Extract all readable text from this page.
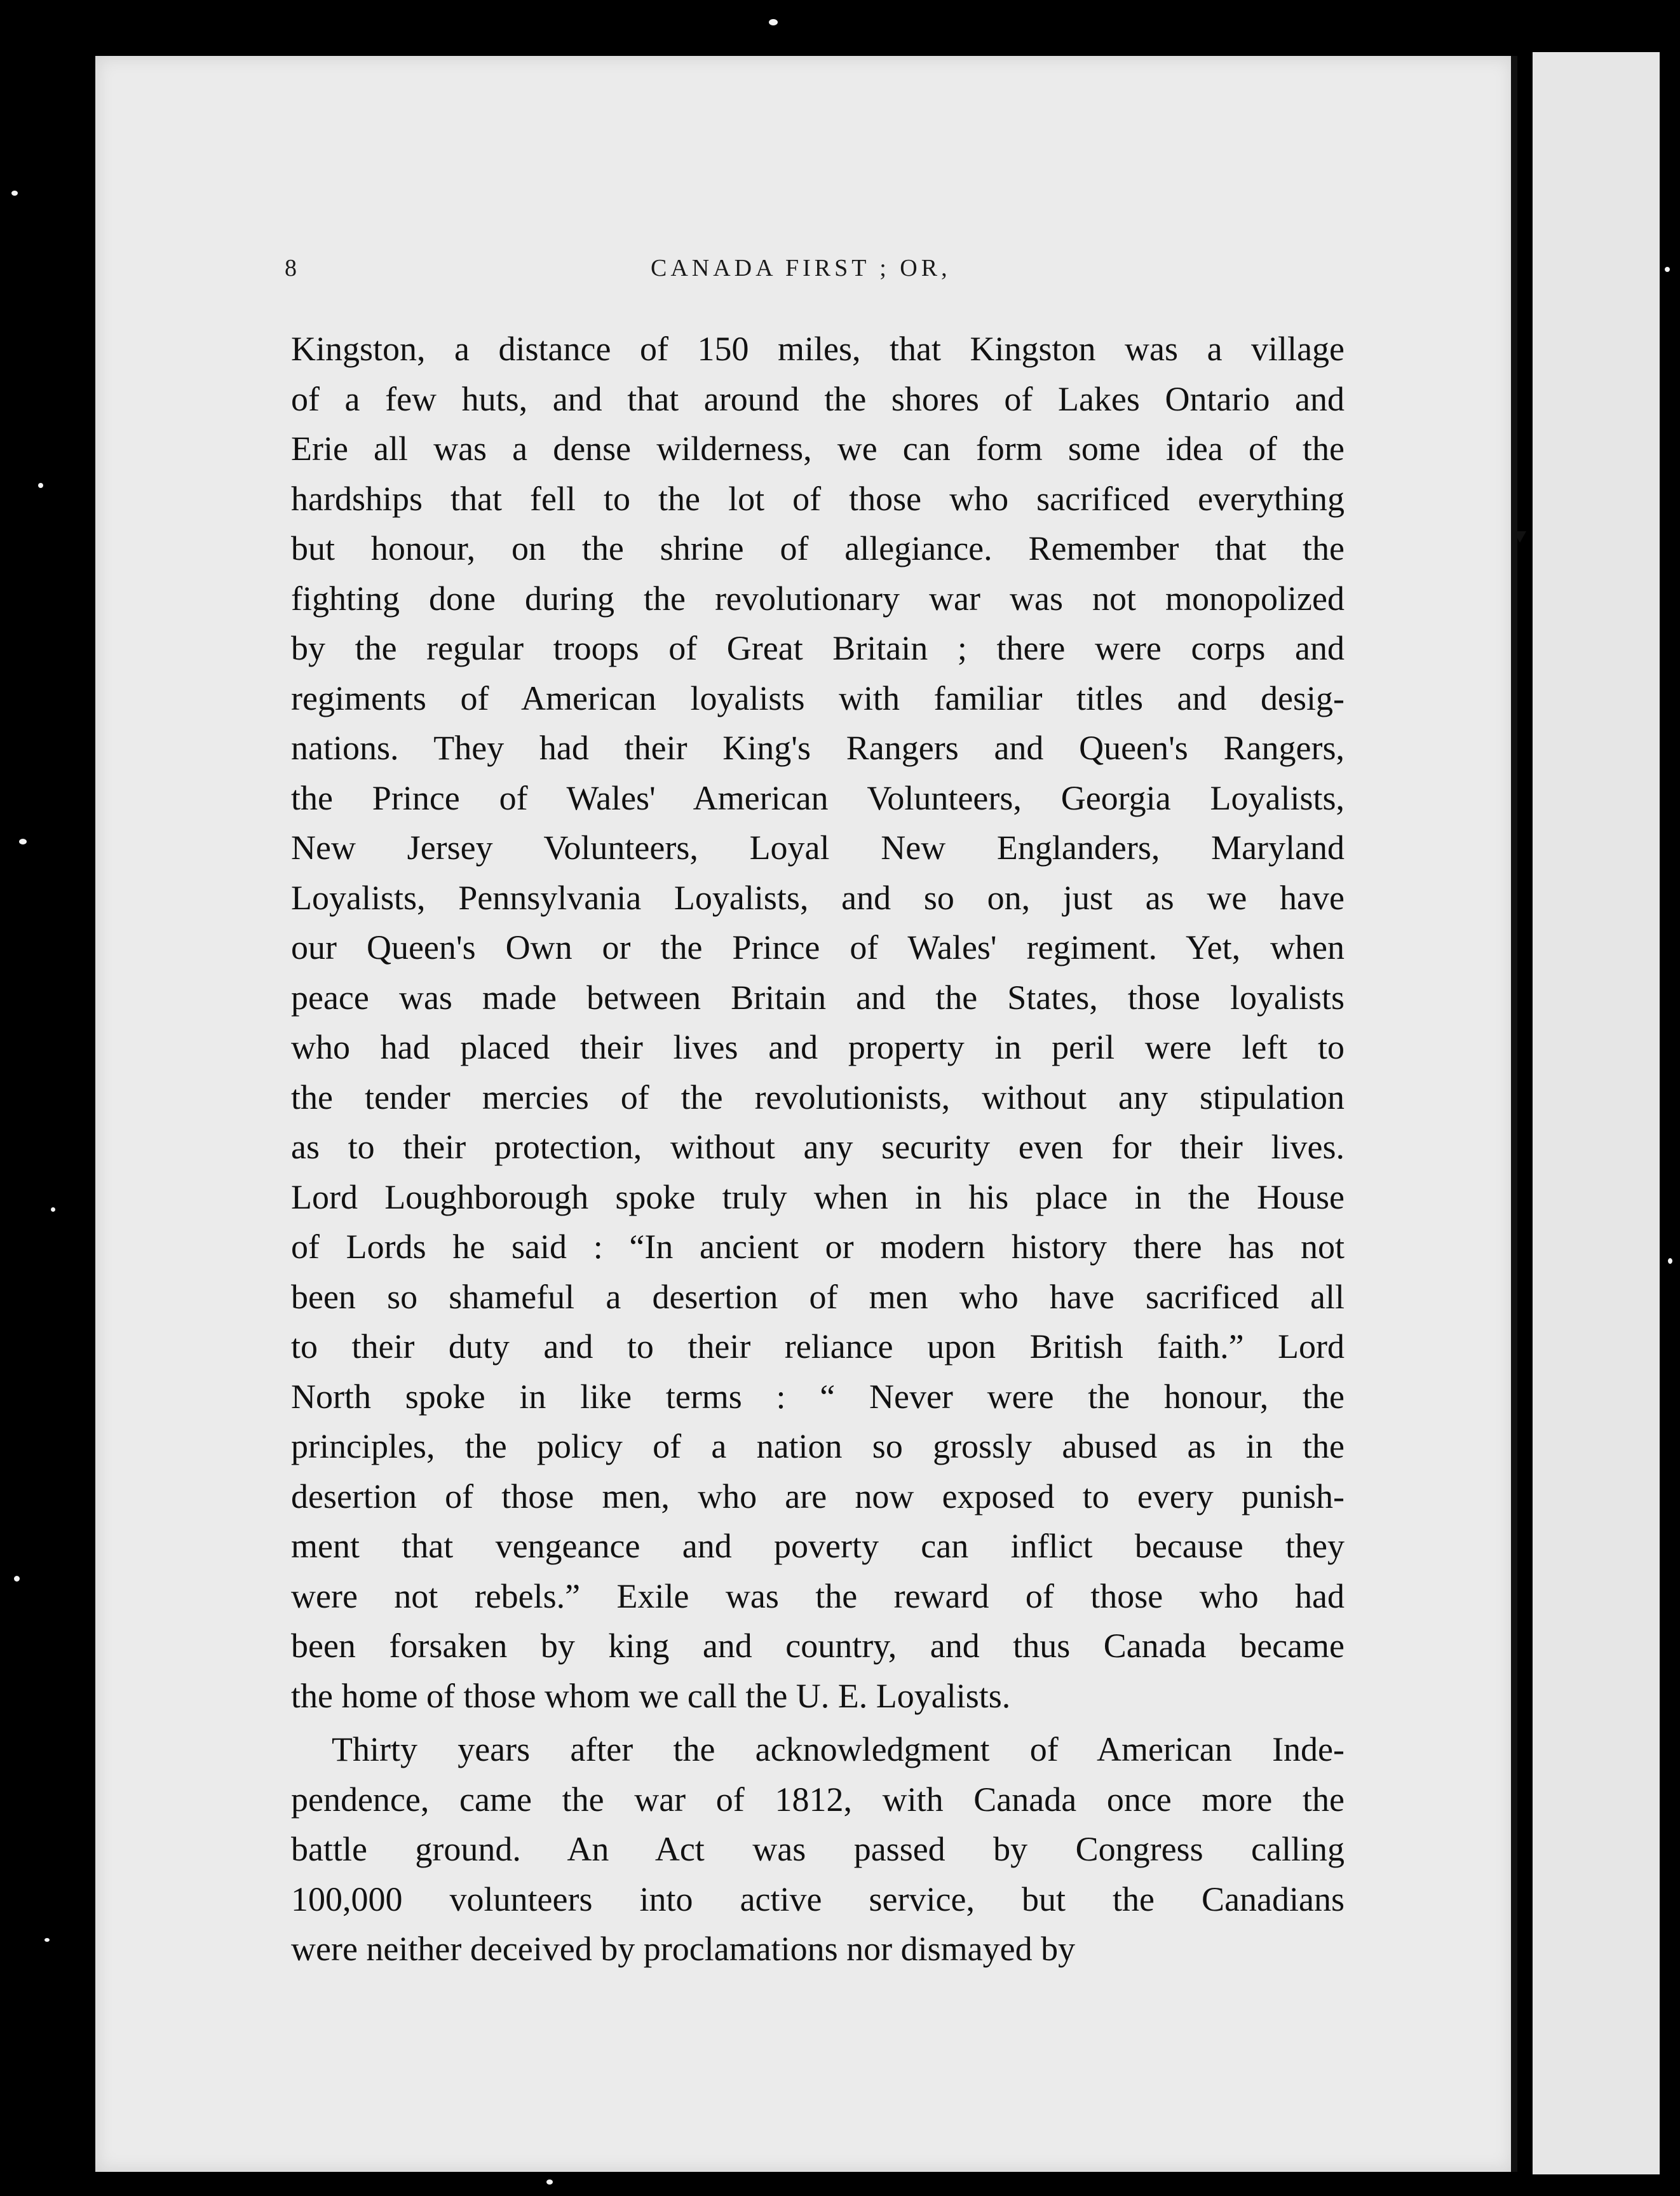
8	CANADA FIRST ; OR,
Kingston, a distance of 150 miles, that Kingston was a village
of a few huts, and that around the shores of Lakes Ontario and
Erie all was a dense wilderness, we can form some idea of the
hardships that fell to the lot of those who sacrificed everything
but honour, on the shrine of allegiance. Remember that the
fighting done during the revolutionary war was not monopolized
by the regular troops of Great Britain ; there were corps and
regiments of American loyalists with familiar titles and desig-
nations. They had their King's Rangers and Queen's Rangers,
the Prince of Wales' American Volunteers, Georgia Loyalists,
New Jersey Volunteers, Loyal New Englanders, Maryland
Loyalists, Pennsylvania Loyalists, and so on, just as we have
our Queen's Own or the Prince of Wales' regiment. Yet, when
peace was made between Britain and the States, those loyalists
who had placed their lives and property in peril were left to
the tender mercies of the revolutionists, without any stipulation
as to their protection, without any security even for their lives.
Lord Loughborough spoke truly when in his place in the House
of Lords he said : “In ancient or modern history there has not
been so shameful a desertion of men who have sacrificed all
to their duty and to their reliance upon British faith.” Lord
North spoke in like terms : “ Never were the honour, the
principles, the policy of a nation so grossly abused as in the
desertion of those men, who are now exposed to every punish-
ment that vengeance and poverty can inflict because they
were not rebels.” Exile was the reward of those who had
been forsaken by king and country, and thus Canada became
the home of those whom we call the U. E. Loyalists.
Thirty years after the acknowledgment of American Inde-
pendence, came the war of 1812, with Canada once more the
battle ground. An Act was passed by Congress calling
100,000 volunteers into active service, but the Canadians
were neither deceived by proclamations nor dismayed by
